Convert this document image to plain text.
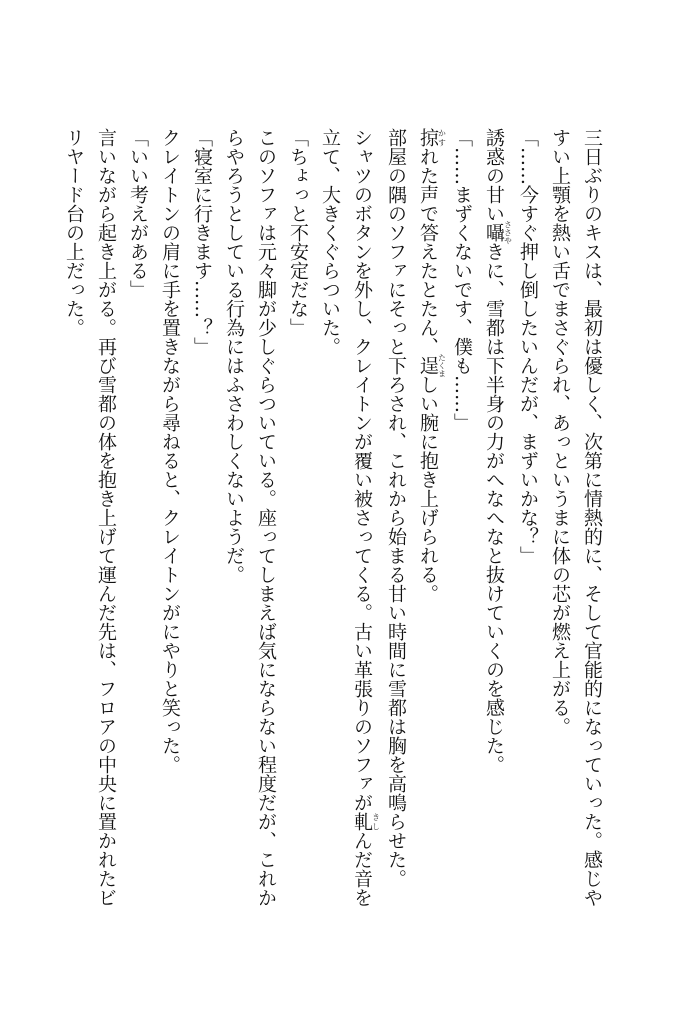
三日ぶりのキスは、最初は優しく、次第に情熱的に、そして官能的になっていった。感じや
すい上顎を熱い舌でまさぐられ、あっというまに体の芯が燃え上がる。
「……今すぐ押し倒したいんだが、まずいかな？」
誘惑の甘い囁ささやきに、雪都は下半身の力がへなへなと抜けていくのを感じた。
「……まずくないです、僕も……」
掠かすれた声で答えたとたん、逞たくましい腕に抱き上げられる。
部屋の隅のソファにそっと下ろされ、これから始まる甘い時間に雪都は胸を高鳴らせた。
シャツのボタンを外し、クレイトンが覆い被さってくる。古い革張りのソファが軋きしんだ音を
立て、大きくぐらついた。
「ちょっと不安定だな」
このソファは元々脚が少しぐらついている。座ってしまえば気にならない程度だが、これか
らやろうとしている行為にはふさわしくないようだ。
「寝室に行きます……？」
クレイトンの肩に手を置きながら尋ねると、クレイトンがにやりと笑った。
「いい考えがある」
言いながら起き上がる。再び雪都の体を抱き上げて運んだ先は、フロアの中央に置かれたビ
リヤード台の上だった。
